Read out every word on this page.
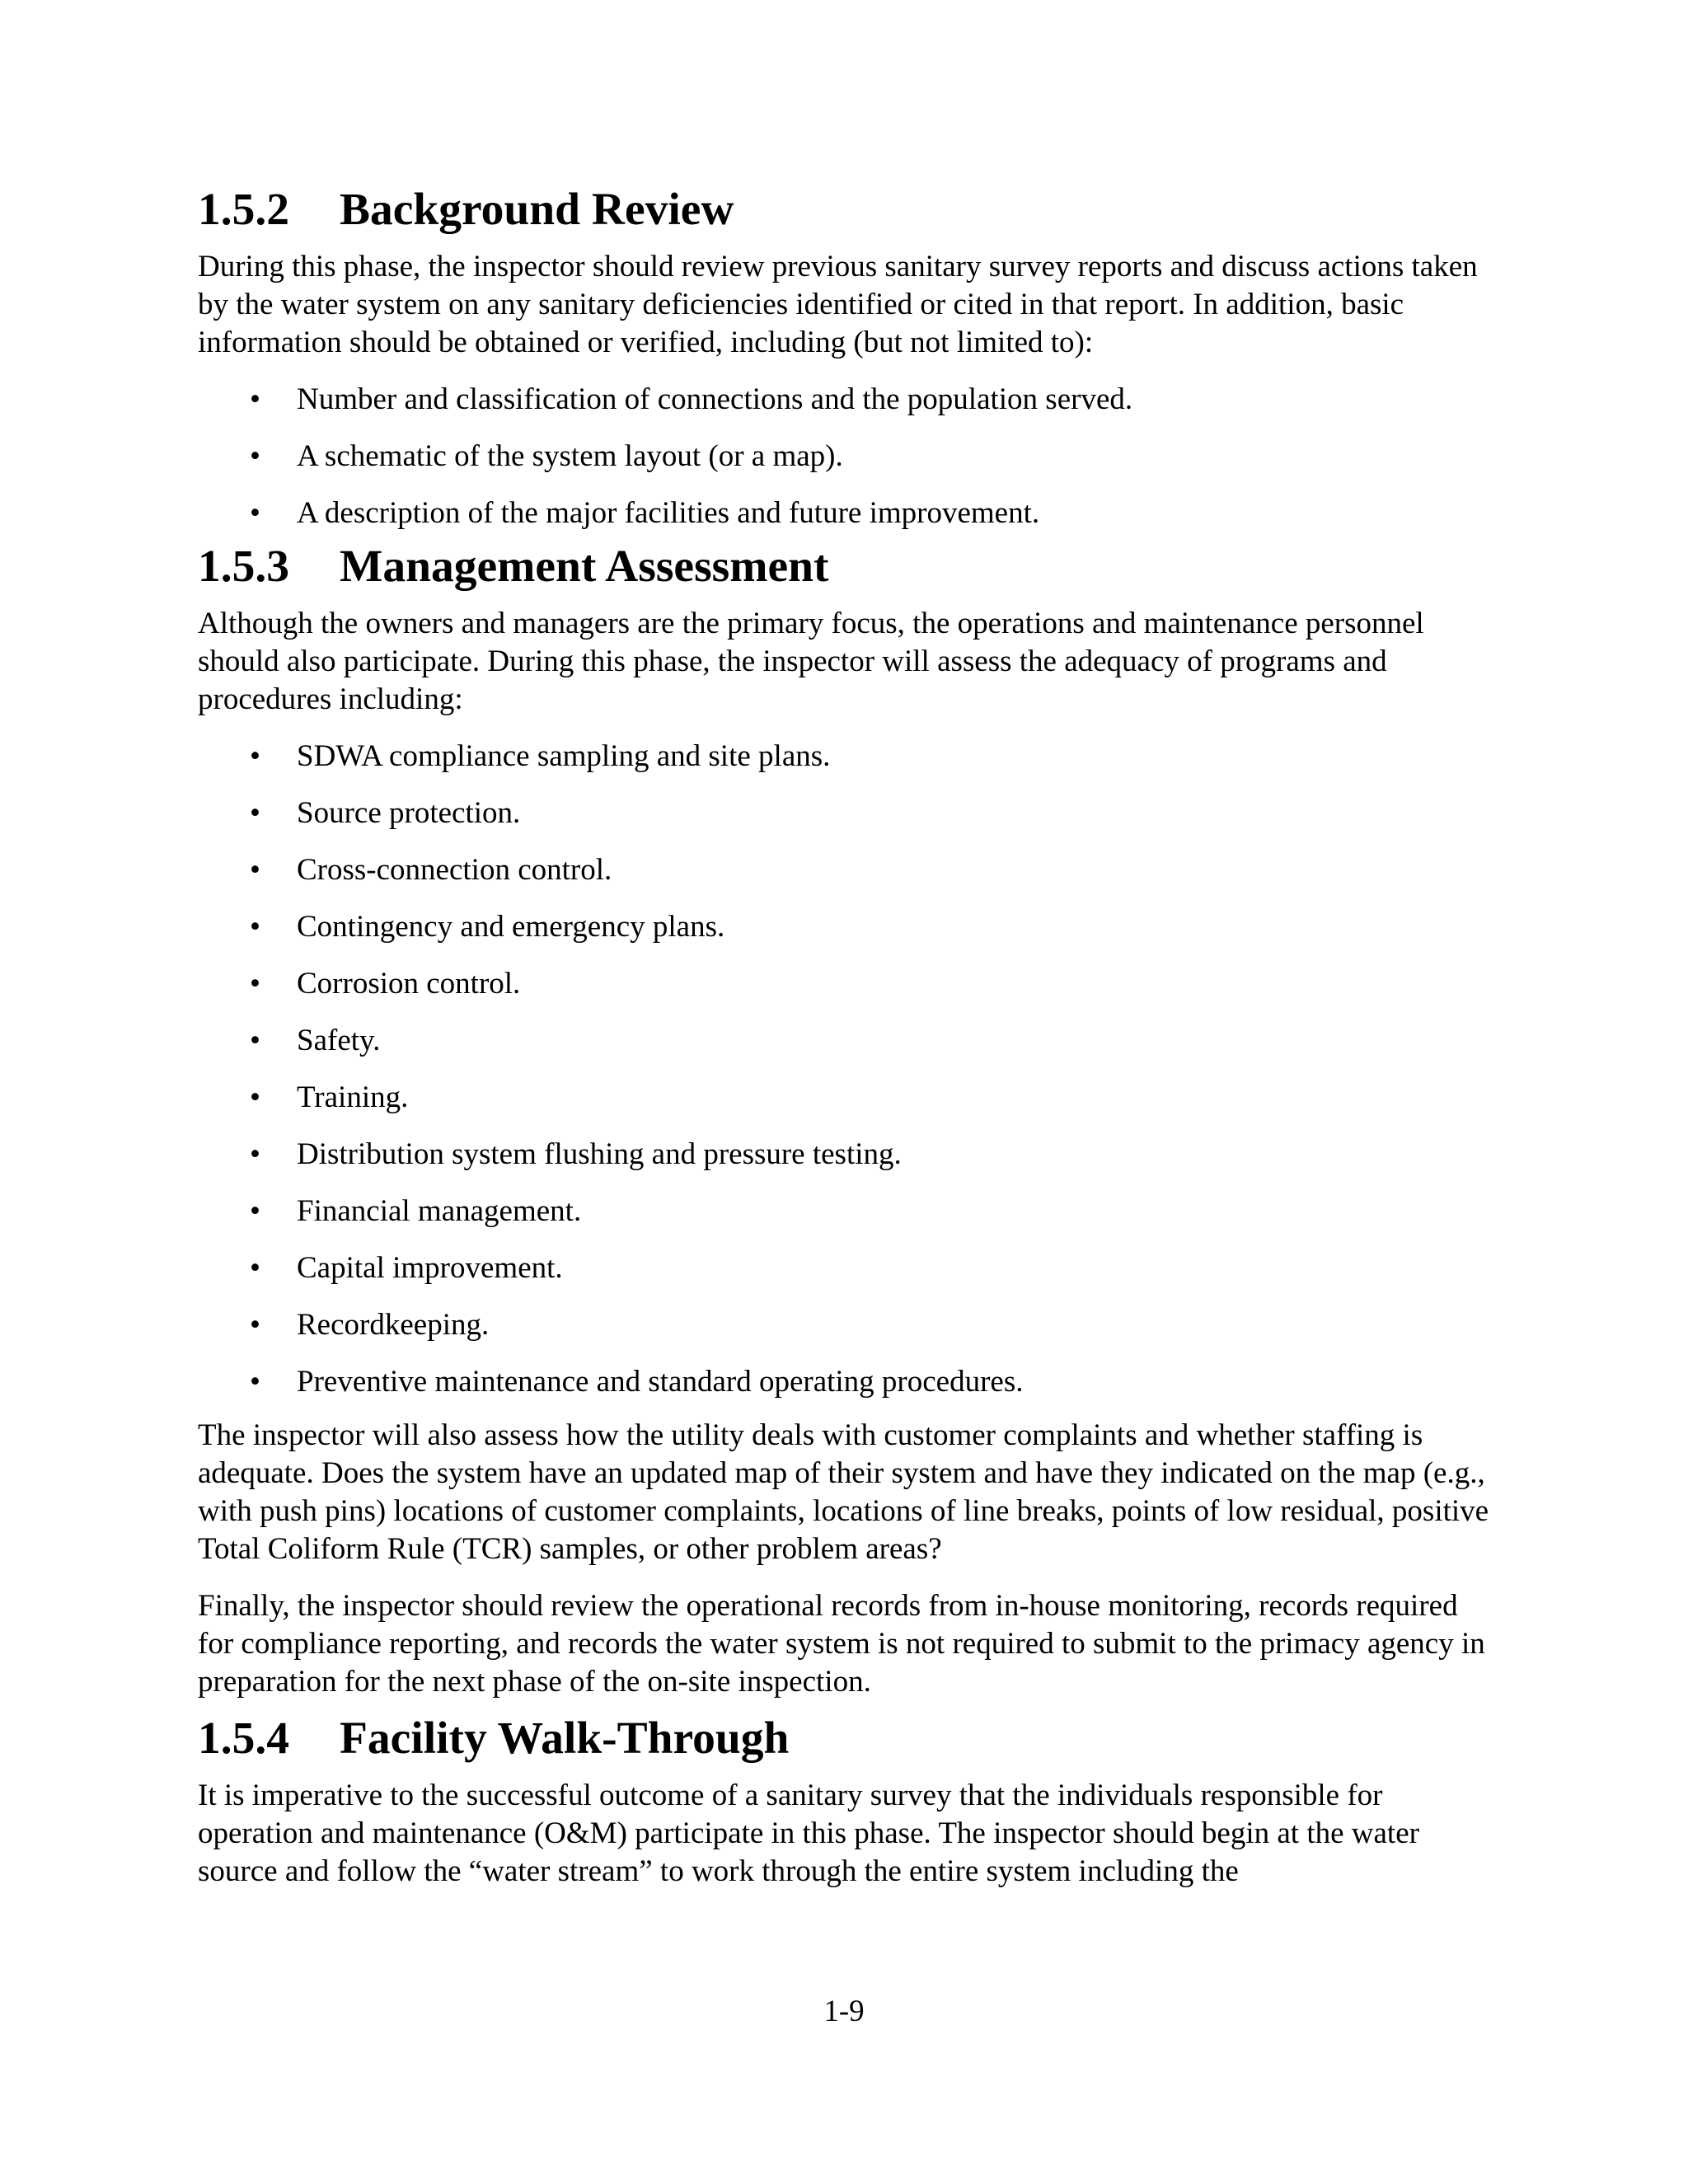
1.5.2	Background Review

During this phase, the inspector should review previous sanitary survey reports and discuss actions taken by the water system on any sanitary deficiencies identified or cited in that report. In addition, basic information should be obtained or verified, including (but not limited to):

• Number and classification of connections and the population served.
• A schematic of the system layout (or a map).
• A description of the major facilities and future improvement.
1.5.3	Management Assessment

Although the owners and managers are the primary focus, the operations and maintenance personnel should also participate. During this phase, the inspector will assess the adequacy of programs and procedures including:

• SDWA compliance sampling and site plans.
• Source protection.
• Cross-connection control.
• Contingency and emergency plans.
• Corrosion control.
• Safety.
• Training.
• Distribution system flushing and pressure testing.
• Financial management.
• Capital improvement.
• Recordkeeping.
• Preventive maintenance and standard operating procedures.

The inspector will also assess how the utility deals with customer complaints and whether staffing is adequate. Does the system have an updated map of their system and have they indicated on the map (e.g., with push pins) locations of customer complaints, locations of line breaks, points of low residual, positive Total Coliform Rule (TCR) samples, or other problem areas?

Finally, the inspector should review the operational records from in-house monitoring, records required for compliance reporting, and records the water system is not required to submit to the primacy agency in preparation for the next phase of the on-site inspection.

1.5.4	Facility Walk-Through

It is imperative to the successful outcome of a sanitary survey that the individuals responsible for operation and maintenance (O&M) participate in this phase. The inspector should begin at the water source and follow the “water stream” to work through the entire system including the

1-9
